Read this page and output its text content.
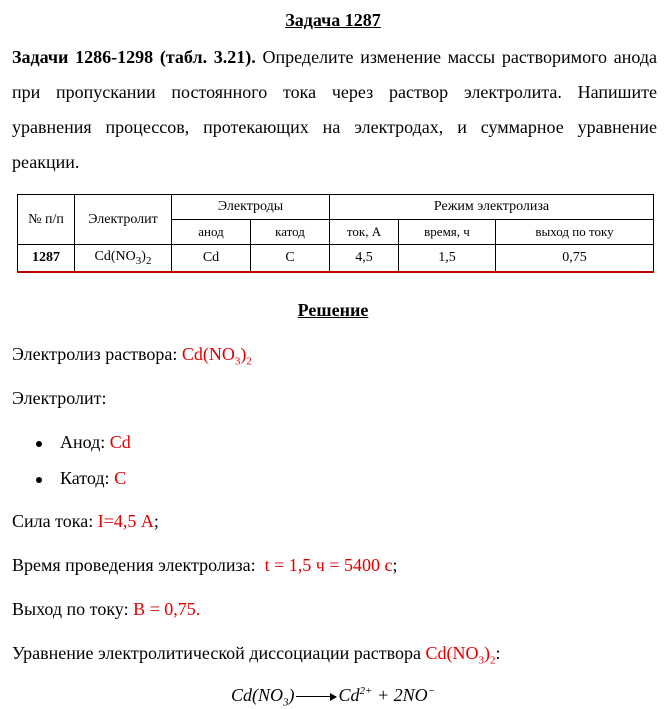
Задача 1287
Задачи 1286-1298 (табл. 3.21). Определите изменение массы растворимого анода при пропускании постоянного тока через раствор электролита. Напишите уравнения процессов, протекающих на электродах, и суммарное уравнение реакции.
№ п/п	Электролит	Электроды		Режим электролиза		
		анод	катод	ток, А	время, ч	выход по току
1287	$Cd(NO_3)_2$	Cd	C	4,5	1,5	0,75
Решение
Электролиз раствора: $Cd(NO_3)_2$
Электролит:
Анод: Cd
Катод: C
Сила тока: I=4,5 А;
Время проведения электролиза:  t = 1,5 ч = 5400 с;
Выход по току: В = 0,75.
Уравнение электролитической диссоциации раствора $Cd(NO_3)_2$:
$Cd(NO_3) Cd^{2+} + 2NO^-$
